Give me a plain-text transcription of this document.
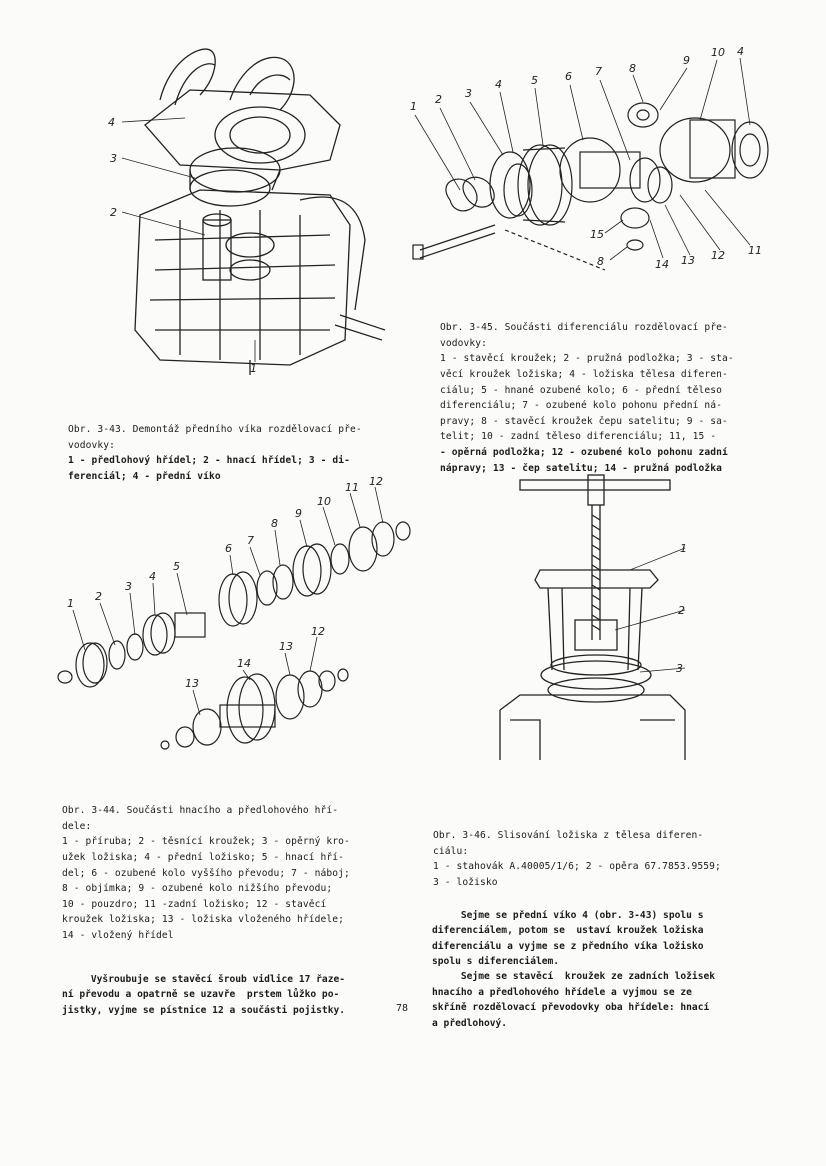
1
2
3
4

Obr. 3-43. Demontáž předního víka rozdělovací pře-
vodovky:
1 - předlohový hřídel; 2 - hnací hřídel; 3 - di-
ferenciál; 4 - přední víko

1
2 3
4	5 6 7 8
9
10 4
11
12
13
14
15
8

Obr. 3-45. Součásti diferenciálu rozdělovací pře-
vodovky:
1 - stavěcí kroužek; 2 - pružná podložka; 3 - sta-
věcí kroužek ložiska; 4 - ložiska tělesa diferen-
ciálu; 5 - hnané ozubené kolo; 6 - přední těleso
diferenciálu; 7 - ozubené kolo pohonu přední ná-
pravy; 8 - stavěcí kroužek čepu satelitu; 9 - sa-
telit; 10 - zadní těleso diferenciálu; 11, 15 -
- opěrná podložka; 12 - ozubené kolo pohonu zadní
nápravy; 13 - čep satelitu; 14 - pružná podložka

1
2
3
4
5
6
7
8
9
10
11 12
13
14
13
12

Obr. 3-44. Součásti hnacího a předlohového hří-
dele:
1 - příruba; 2 - těsnící kroužek; 3 - opěrný kro-
užek ložiska; 4 - přední ložisko; 5 - hnací hří-
del; 6 - ozubené kolo vyššího převodu; 7 - náboj;
8 - objímka; 9 - ozubené kolo nižšího převodu;
10 - pouzdro; 11 -zadní ložisko; 12 - stavěcí
kroužek ložiska; 13 - ložiska vloženého hřídele;
14 - vložený hřídel

1
2
3

Obr. 3-46. Slisování ložiska z tělesa diferen-
ciálu:
1 - stahovák A.40005/1/6; 2 - opěra 67.7853.9559;
3 - ložisko

Sejme se přední víko 4 (obr. 3-43) spolu s
diferenciálem, potom se  ustaví kroužek ložiska
diferenciálu a vyjme se z předního víka ložisko
spolu s diferenciálem.
Sejme se stavěcí  kroužek ze zadních ložisek
hnacího a předlohového hřídele a vyjmou se ze
skříně rozdělovací převodovky oba hřídele: hnací
a předlohový.

Vyšroubuje se stavěcí šroub vidlice 17 řaze-
ní převodu a opatrně se uzavře  prstem lůžko po-
jistky, vyjme se pístnice 12 a součásti pojistky.	78
